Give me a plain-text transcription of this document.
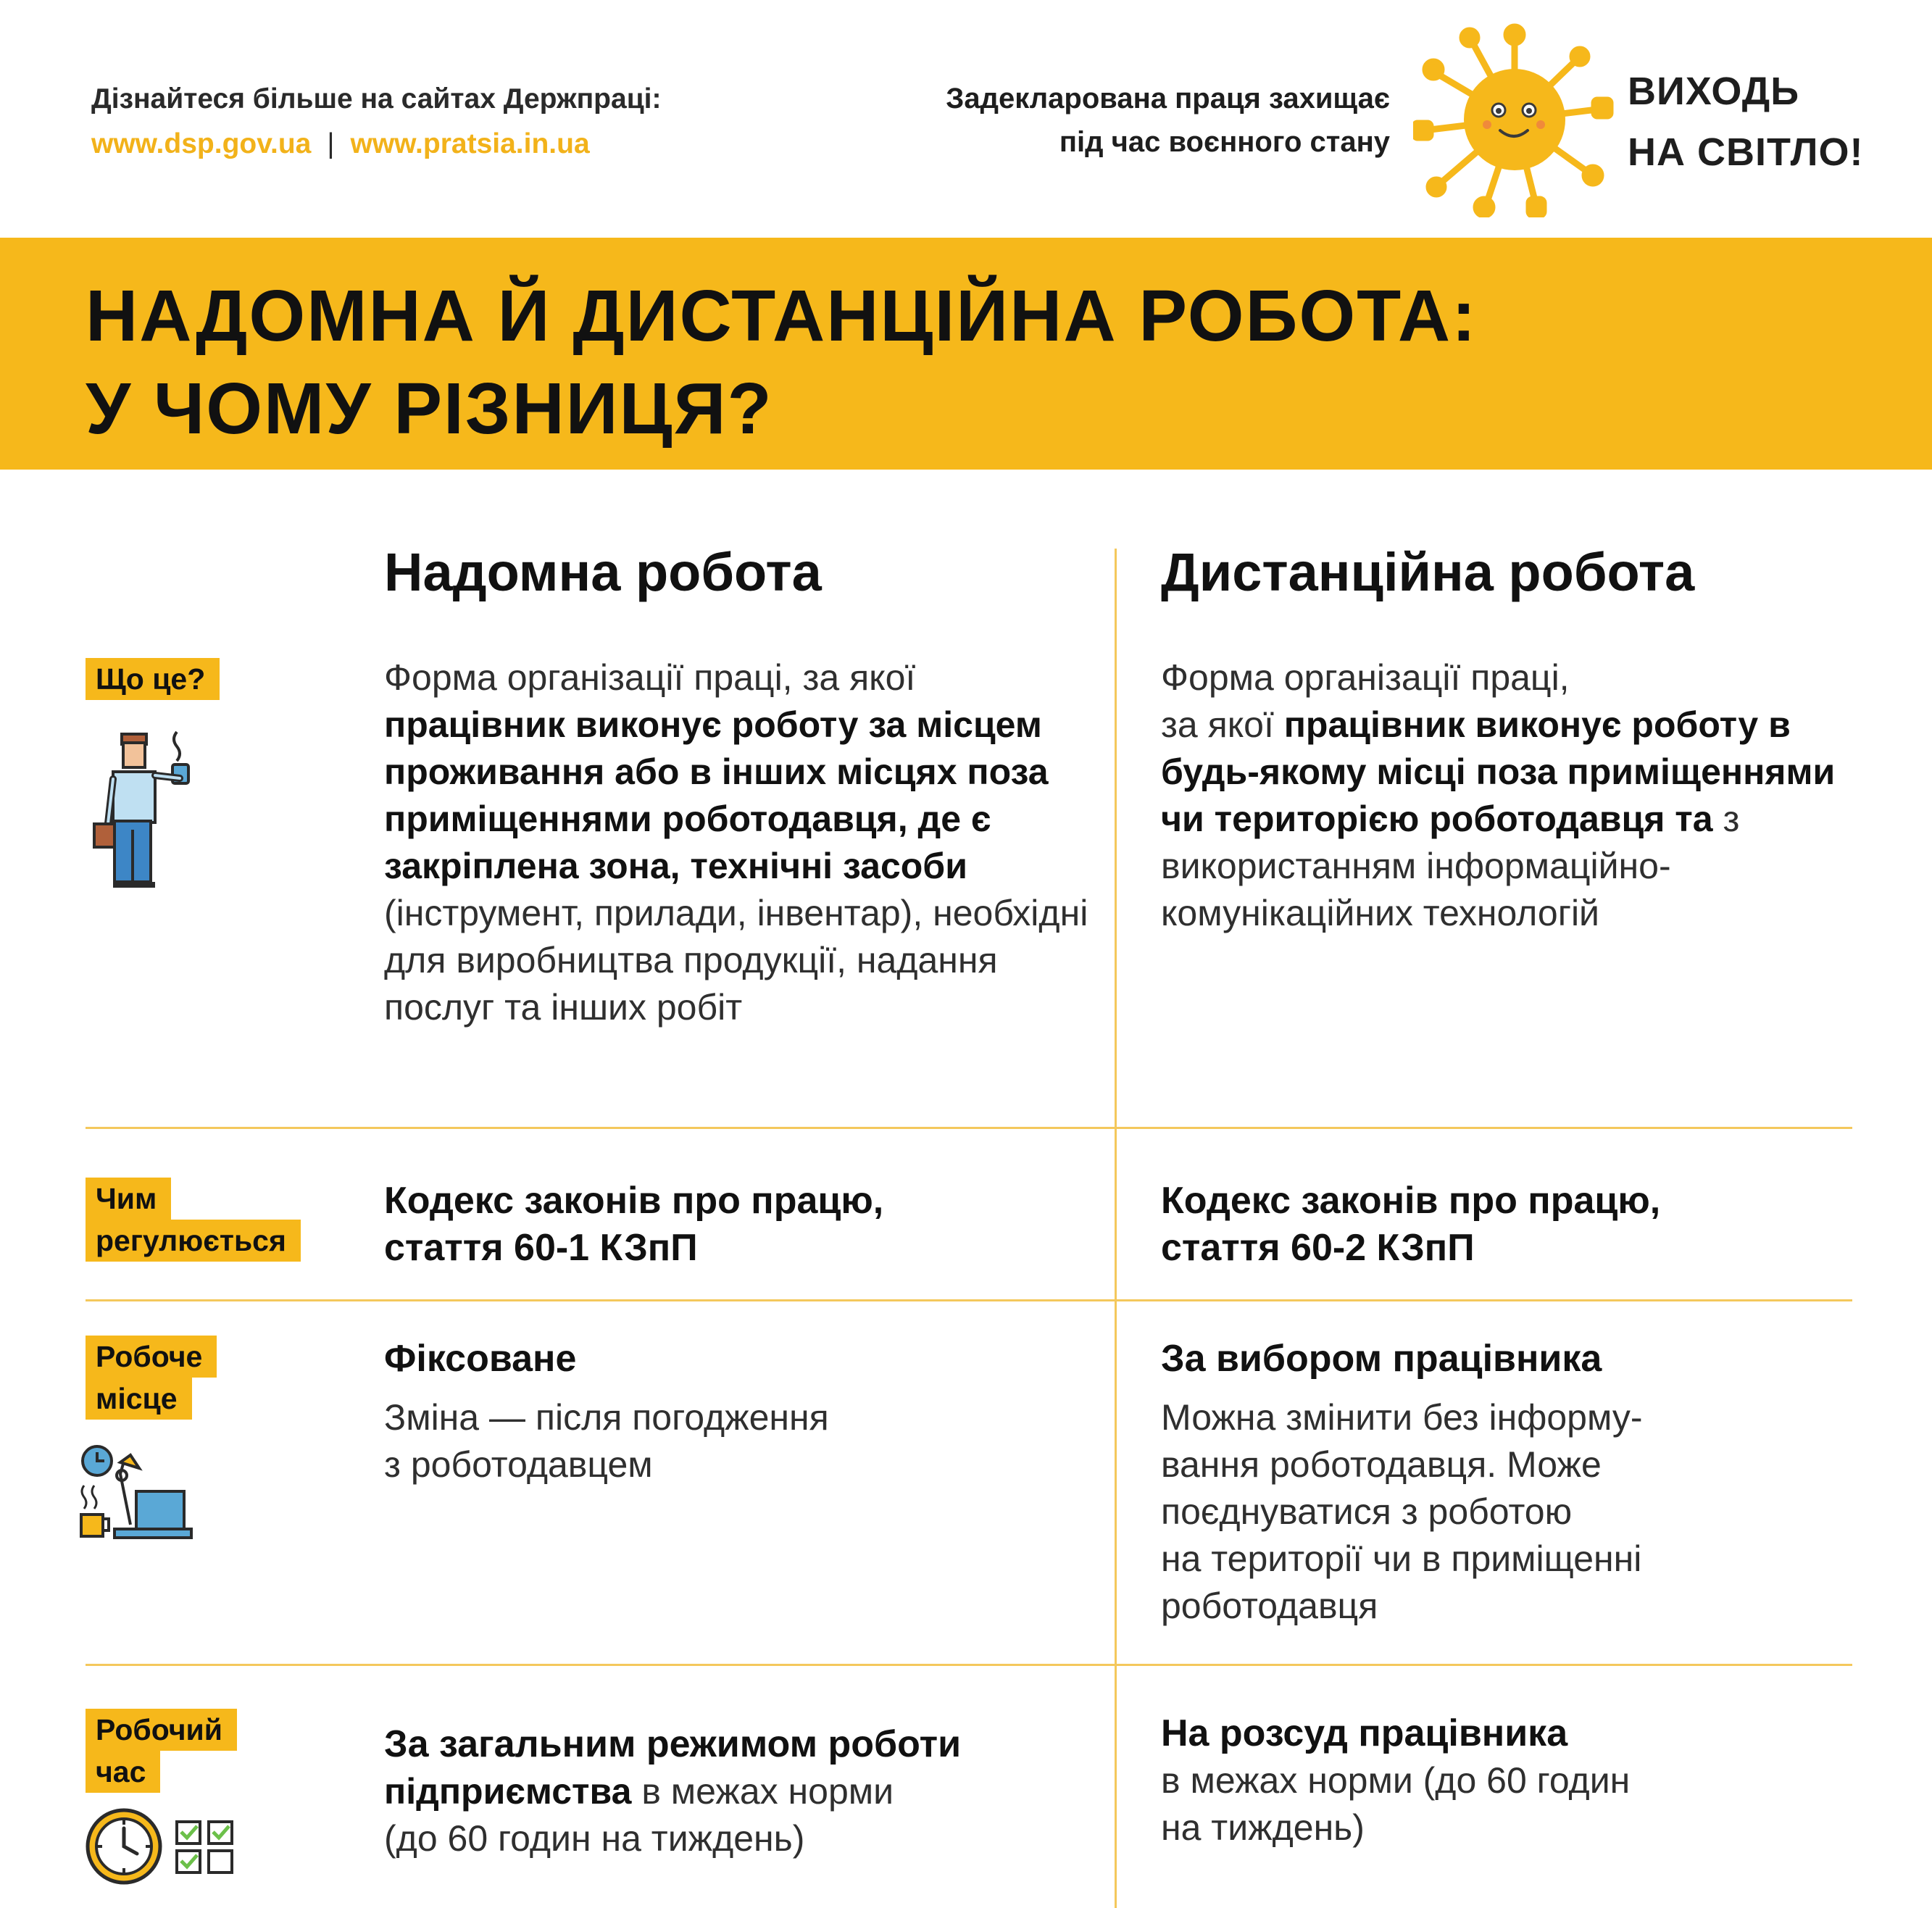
Дізнайтеся більше на сайтах Держпраці:
www.dsp.gov.ua | www.pratsia.in.ua
Задекларована праця захищає
під час воєнного стану
ВИХОДЬ
НА СВІТЛО!
НАДОМНА Й ДИСТАНЦІЙНА РОБОТА:
У ЧОМУ РІЗНИЦЯ?
Надомна робота	Дистанційна робота
Що це?	Форма організації праці, за якої працівник виконує роботу за місцем проживання або в інших місцях поза приміщеннями роботодавця, де є закріплена зона, технічні засоби (інструмент, прилади, інвентар), необхідні для виробництва продукції, надання послуг та інших робіт
Форма організації праці,
за якої працівник виконує роботу в будь-якому місці поза приміщеннями чи територією роботодавця та з використанням інформаційно-комунікаційних технологій
Чим
регулюється
Кодекс законів про працю,
стаття 60-1 КЗпП
Кодекс законів про працю,
стаття 60-2 КЗпП
Робоче
місце
Фіксоване
Зміна — після погодження
з роботодавцем
За вибором працівника
Можна змінити без інформу-
вання роботодавця. Може
поєднуватися з роботою
на території чи в приміщенні
роботодавця
Робочий
час
За загальним режимом роботи
підприємства в межах норми
(до 60 годин на тиждень)
На розсуд працівника
в межах норми (до 60 годин
на тиждень)
